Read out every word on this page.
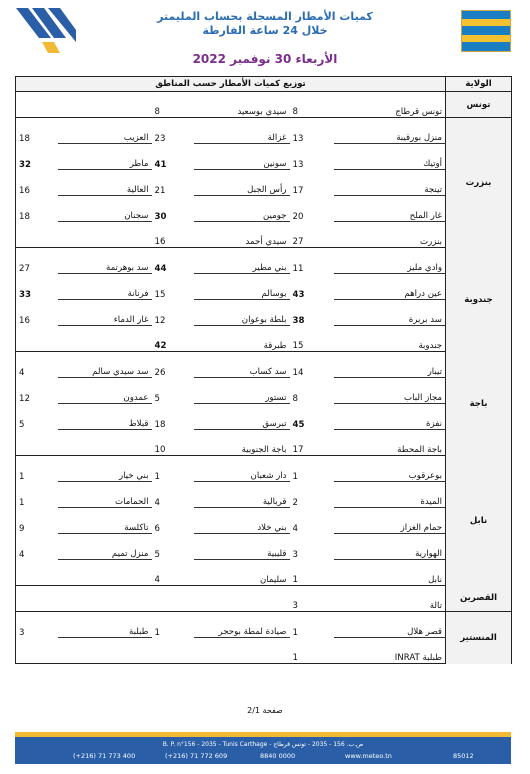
كميات الأمطار المسجلة بحساب المليمتر
خلال 24 ساعة الفارطة
الأربعاء 30 نوفمبر 2022
توزيع كميات الأمطار حسب المناطق						الولاية
		8	سيدي بوسعيد	8	تونس قرطاج	تونس
18	العزيب	23	غزالة	13	منزل بورقيبة	بنزرت
32	ماطر	41	سونين	13	أوتيك	
16	العالية	21	رأس الجبل	17	تينجة	
18	سجنان	30	جومين	20	غار الملح	
		16	سيدي أحمد	27	بنزرت	
27	سد بوهرتمة	44	بني مطير	11	وادي مليز	جندوبة
33	فرنانة	15	بوسالم	43	عين دراهم	
16	غار الدماء	12	بلطة بوعوان	38	سد بربرة	
		42	طبرقة	15	جندوبة	
4	سد سيدي سالم	26	سد كساب	14	تيبار	باجة
12	عمدون	5	تستور	8	مجاز الباب	
5	قبلاط	18	تبرسق	45	نفزة	
		10	باجة الجنوبية	17	باجة المحطة	
1	بني خيار	1	دار شعبان	1	بوعرقوب	نابل
1	الحمامات	4	قربالية	2	الميدة	
9	تاكلسة	6	بني خلاد	4	حمام الغزاز	
4	منزل تميم	5	قليبية	3	الهوارية	
		4	سليمان	1	نابل	
				3	تالة	القصرين
3	طبلبة	1	صيادة لمطة بوحجر	1	قصر هلال	المنستير
				1	طبلبة INRAT	
صفحة 2/1
B. P. n°156 - 2035 - Tunis Carthage - ص.ب. 156 - 2035 - تونس قرطاج
(+216) 71 773 400	(+216) 71 772 609	8840 0000	www.meteo.tn	85012
